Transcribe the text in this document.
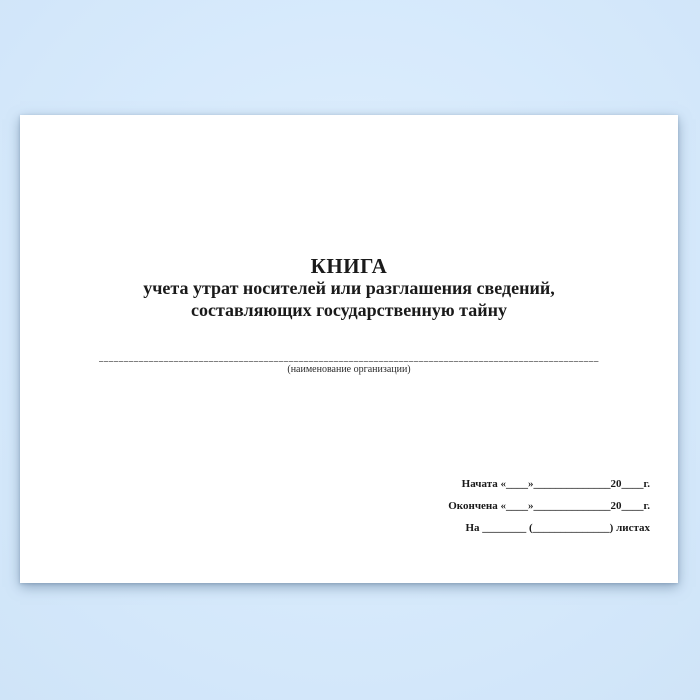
КНИГА
учета утрат носителей или разглашения сведений,
составляющих государственную тайну
(наименование организации)
Начата «____»______________20____г.
Окончена «____»______________20____г.
На ________ (______________) листах
